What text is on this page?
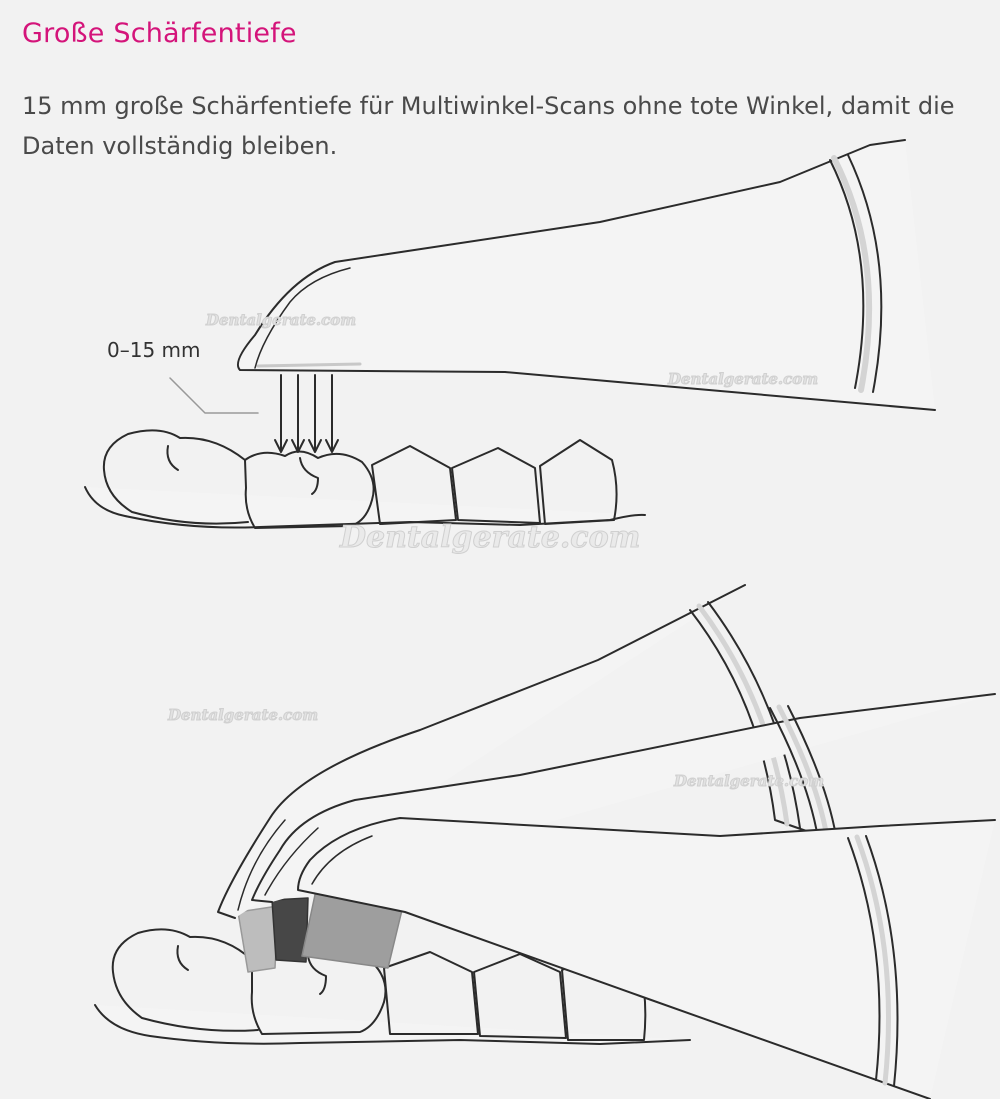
Große Schärfentiefe

15 mm große Schärfentiefe für Multiwinkel-Scans ohne tote Winkel, damit die Daten vollständig bleiben.

0–15 mm
Dentalgerate.com
Dentalgerate.com
Dentalgerate.com
Dentalgerate.com
Dentalgerate.com
